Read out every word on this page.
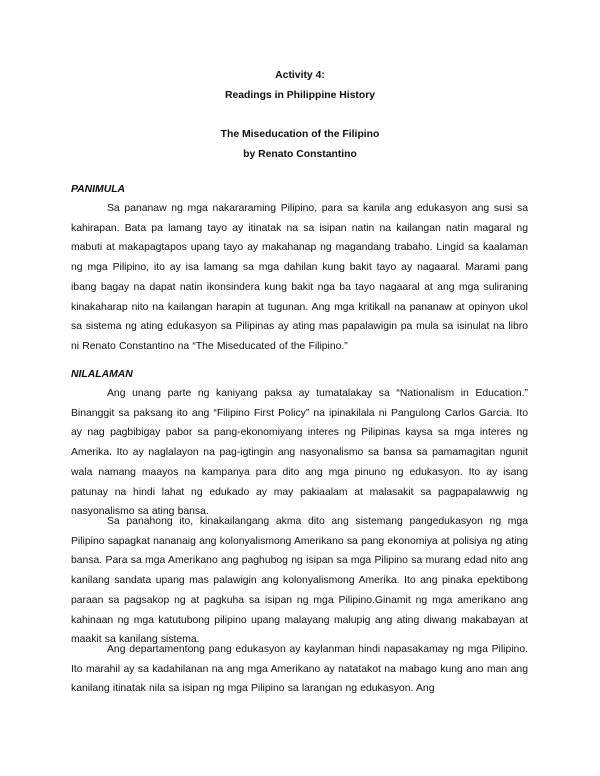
Activity 4:
Readings in Philippine History
The Miseducation of the Filipino
by Renato Constantino
PANIMULA

Sa pananaw ng mga nakararaming Pilipino, para sa kanila ang edukasyon ang susi sa kahirapan. Bata pa lamang tayo ay itinatak na sa isipan natin na kailangan natin magaral ng mabuti at makapagtapos upang tayo ay makahanap ng magandang trabaho. Lingid sa kaalaman ng mga Pilipino, ito ay isa lamang sa mga dahilan kung bakit tayo ay nagaaral. Marami pang ibang bagay na dapat natin ikonsindera kung bakit nga ba tayo nagaaral at ang mga suliraning kinakaharap nito na kailangan harapin at tugunan. Ang mga kritikall na pananaw at opinyon ukol sa sistema ng ating edukasyon sa Pilipinas ay ating mas papalawigin pa mula sa isinulat na libro ni Renato Constantino na “The Miseducated of the Filipino.”

NILALAMAN

Ang unang parte ng kaniyang paksa ay tumatalakay sa “Nationalism in Education.” Binanggit sa paksang ito ang “Filipino First Policy” na ipinakilala ni Pangulong Carlos Garcia. Ito ay nag pagbibigay pabor sa pang-ekonomiyang interes ng Pilipinas kaysa sa mga interes ng Amerika. Ito ay naglalayon na pag-igtingin ang nasyonalismo sa bansa sa pamamagitan ngunit wala namang maayos na kampanya para dito ang mga pinuno ng edukasyon. Ito ay isang patunay na hindi lahat ng edukado ay may pakiaalam at malasakit sa pagpapalawwig ng nasyonalismo sa ating bansa.

Sa panahong ito, kinakailangang akma dito ang sistemang pangedukasyon ng mga Pilipino sapagkat nananaig ang kolonyalismong Amerikano sa pang ekonomiya at polisiya ng ating bansa. Para sa mga Amerikano ang paghubog ng isipan sa mga Pilipino sa murang edad nito ang kanilang sandata upang mas palawigin ang kolonyalismong Amerika. Ito ang pinaka epektibong paraan sa pagsakop ng at pagkuha sa isipan ng mga Pilipino.Ginamit ng mga amerikano ang kahinaan ng mga katutubong pilipino upang malayang malupig ang ating diwang makabayan at maakit sa kanilang sistema.

Ang departamentong pang edukasyon ay kaylanman hindi napasakamay ng mga Pilipino. Ito marahil ay sa kadahilanan na ang mga Amerikano ay natatakot na mabago kung ano man ang kanilang itinatak nila sa isipan ng mga Pilipino sa larangan ng edukasyon. Ang
